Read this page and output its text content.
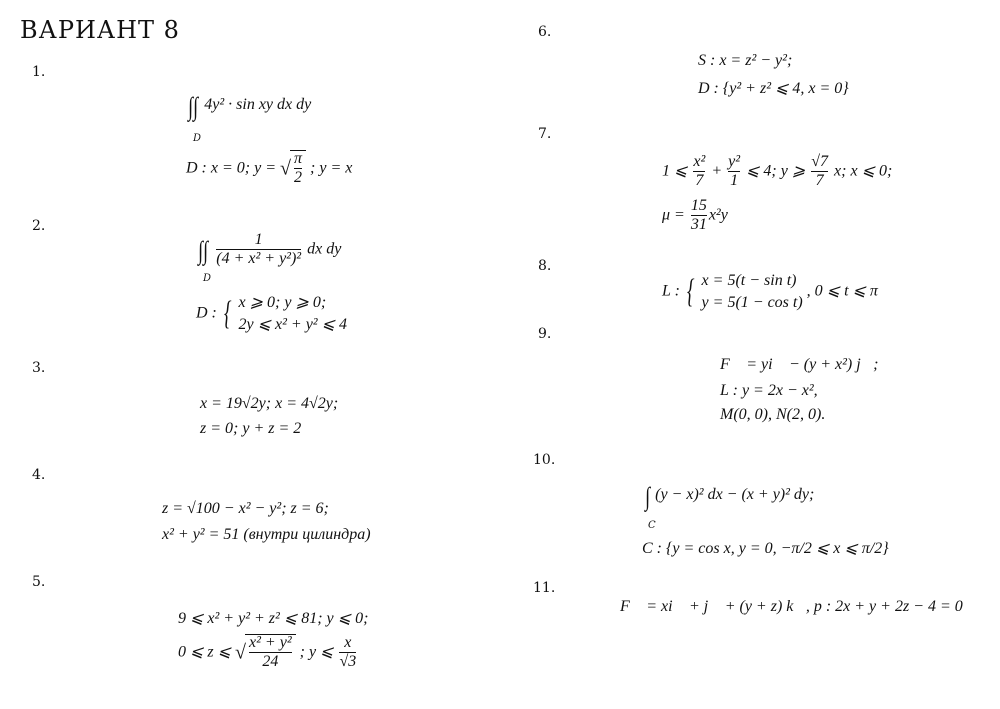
ВАРИАНТ 8
1.
2.
3.
4.
5.
6.
7.
8.
9.
10.
11.
∫∫ 4y² · sin xy dx dy
D
D : x = 0; y = √ $\frac{\pi}{2}$ ; y = x
∫∫ $\frac{1}{\text{(4 + x² + y²)²}}$ dx dy
D
D : { x ⩾ 0; y ⩾ 0;
2y ⩽ x² + y² ⩽ 4
x = 19√2y; x = 4√2y;
z = 0; y + z = 2
z = √100 − x² − y²; z = 6;
x² + y² = 51 (внутри цилиндра)
9 ⩽ x² + y² + z² ⩽ 81; y ⩽ 0;
0 ⩽ z ⩽ √ $\frac{\text{x² + y²}}{24}$ ; y ⩽ $\frac{x}{√3}$
S : x = z² − y²;
D : {y² + z² ⩽ 4, x = 0}
1 ⩽ $\frac{\text{x²}}{7} + \frac{\text{y²}}{1}$ ⩽ 4; y ⩾ $\frac{√7}{7} x$; x ⩽ 0;
$\mu = \frac{15}{31} x^2y$
L : { x = 5(t − sin t)
y = 5(1 − cos t)
, 0 ⩽ t ⩽ π
F⃗ = yi⃗ − (y + x²) j⃗;
L : y = 2x − x²,
M(0, 0), N(2, 0).
∫ (y − x)² dx − (x + y)² dy;
C
C : {y = cos x, y = 0, −π/2 ⩽ x ⩽ π/2}
F⃗ = xi⃗ + j⃗ + (y + z) k⃗, p : 2x + y + 2z − 4 = 0
